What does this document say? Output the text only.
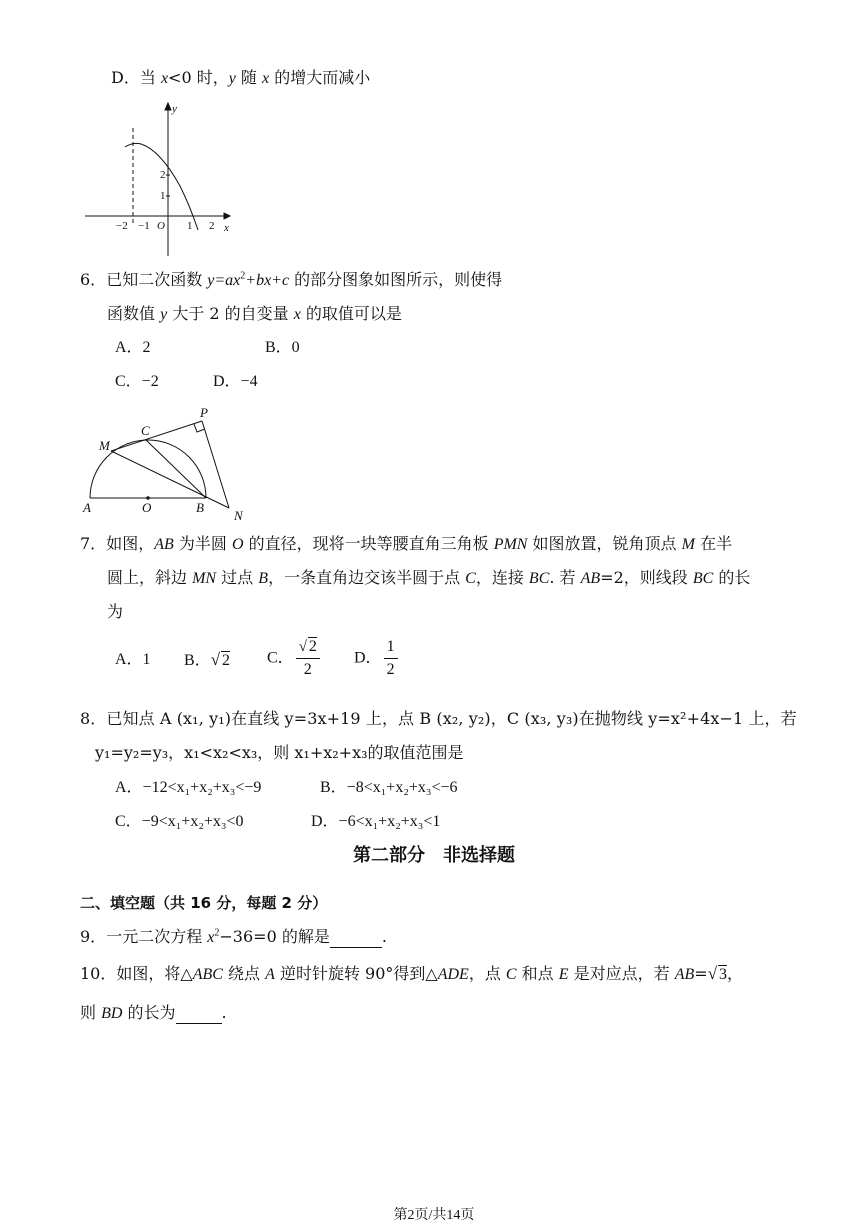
D．当 x<0 时，y 随 x 的增大而减小
y
x
O
−2 −1	1 2
1
2
6．已知二次函数 $y=ax^2+bx+c$ 的部分图象如图所示，则使得
函数值 y 大于 2 的自变量 x 的取值可以是
A．2	B．0
C．−2	D．−4
P
C
M
A	O	B
N
7．如图，AB 为半圆 O 的直径，现将一块等腰直角三角板 PMN 如图放置，锐角顶点 M 在半
圆上，斜边 MN 过点 B，一条直角边交该半圆于点 C，连接 BC. 若 AB=2，则线段 BC 的长
为
A．1 B．√ 2 C． $\frac{√ 2}{2}$ D． $\frac{1}{2}$
8．已知点 A (x₁, y₁)在直线 y=3x+19 上，点 B (x₂, y₂)，C (x₃, y₃)在抛物线 y=x²+4x−1 上，若
y₁=y₂=y₃，x₁<x₂<x₃，则 x₁+x₂+x₃的取值范围是
A．−12<x₁+x₂+x₃<−9	B．−8<x₁+x₂+x₃<−6
C．−9<x₁+x₂+x₃<0	D．−6<x₁+x₂+x₃<1
第二部分　非选择题
二、填空题（共 16 分，每题 2 分）
9．一元二次方程 $x^2-36=0$ 的解是	.
10．如图，将△ABC 绕点 A 逆时针旋转 90°得到△ADE，点 C 和点 E 是对应点，若 AB=√ 3，
则 BD 的长为	.
第2页/共14页
